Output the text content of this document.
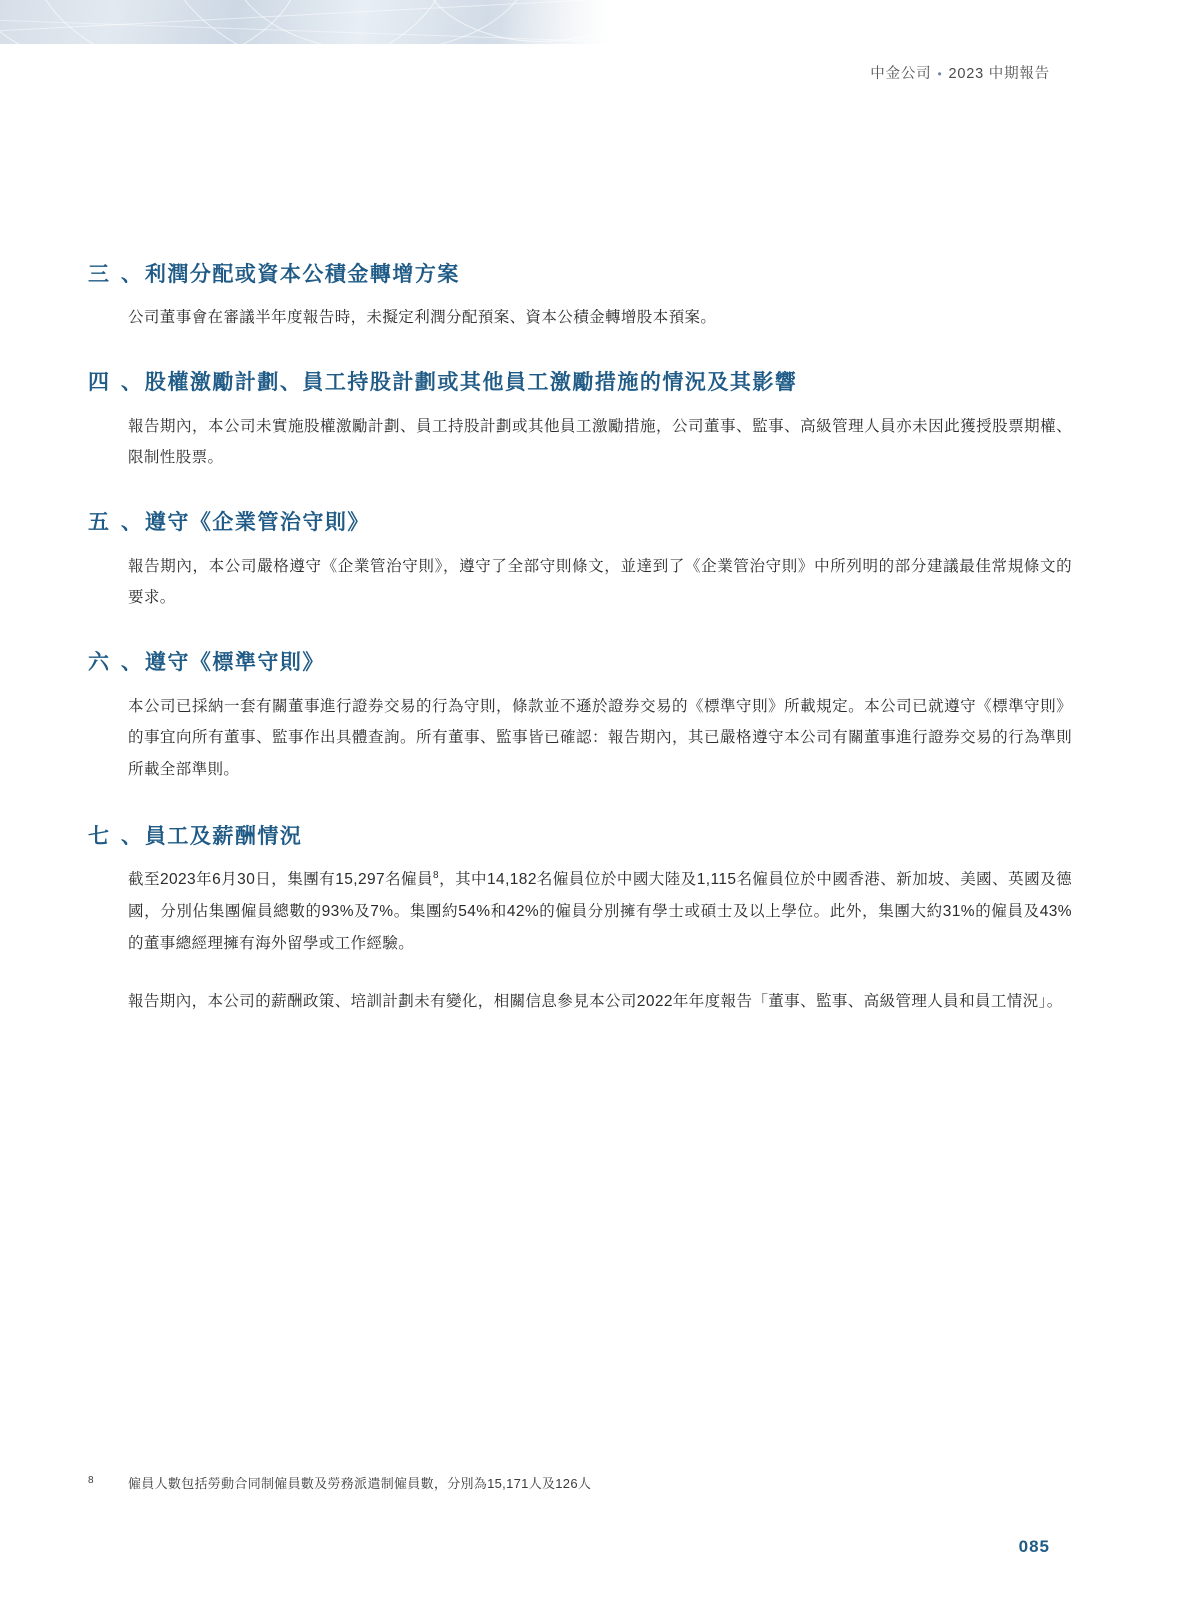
中金公司 • 2023 中期報告
三 、利潤分配或資本公積金轉增方案

公司董事會在審議半年度報告時，未擬定利潤分配預案、資本公積金轉增股本預案。

四 、股權激勵計劃、員工持股計劃或其他員工激勵措施的情況及其影響

報告期內，本公司未實施股權激勵計劃、員工持股計劃或其他員工激勵措施，公司董事、監事、高級管理人員亦未因此獲授股票期權、限制性股票。

五 、遵守《企業管治守則》

報告期內，本公司嚴格遵守《企業管治守則》，遵守了全部守則條文，並達到了《企業管治守則》中所列明的部分建議最佳常規條文的要求。

六 、遵守《標準守則》

本公司已採納一套有關董事進行證券交易的行為守則，條款並不遜於證券交易的《標準守則》所載規定。本公司已就遵守《標準守則》的事宜向所有董事、監事作出具體查詢。所有董事、監事皆已確認：報告期內，其已嚴格遵守本公司有關董事進行證券交易的行為準則所載全部準則。

七 、員工及薪酬情況

截至2023年6月30日，集團有15,297名僱員$^8$，其中14,182名僱員位於中國大陸及1,115名僱員位於中國香港、新加坡、美國、英國及德國，分別佔集團僱員總數的93%及7%。集團約54%和42%的僱員分別擁有學士或碩士及以上學位。此外，集團大約31%的僱員及43%的董事總經理擁有海外留學或工作經驗。

報告期內，本公司的薪酬政策、培訓計劃未有變化，相關信息參見本公司2022年年度報告「董事、監事、高級管理人員和員工情況」。

8	僱員人數包括勞動合同制僱員數及勞務派遣制僱員數，分別為15,171人及126人
085
